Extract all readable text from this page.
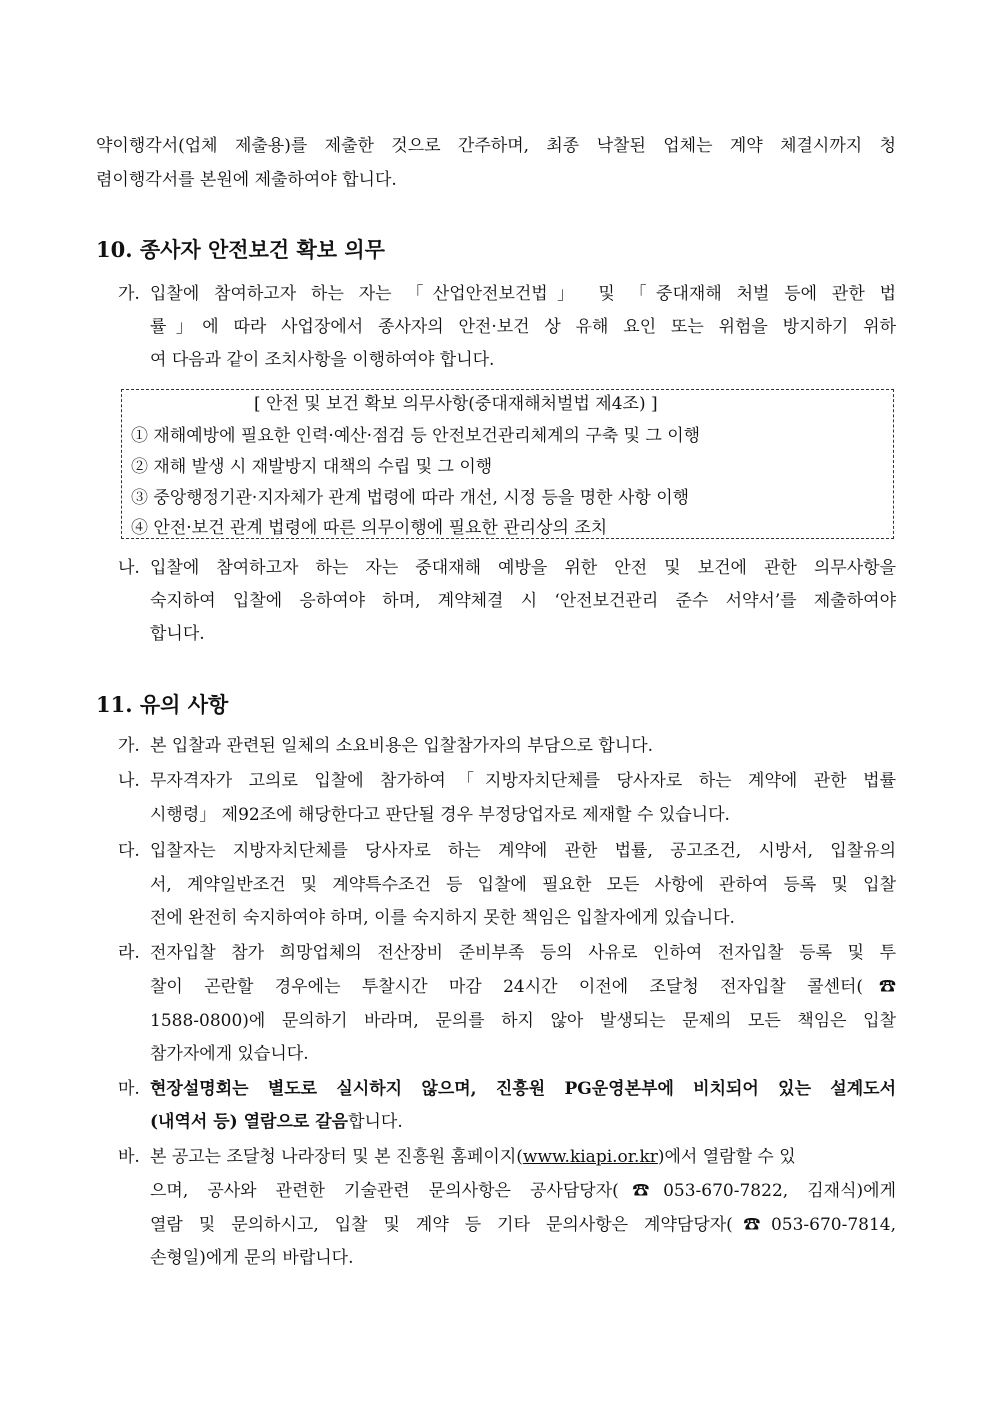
약이행각서(업체 제출용)를 제출한 것으로 간주하며, 최종 낙찰된 업체는 계약 체결시까지 청
렴이행각서를 본원에 제출하여야 합니다.
10. 종사자 안전보건 확보 의무
가. 입찰에 참여하고자 하는 자는 「산업안전보건법」 및 「중대재해 처벌 등에 관한 법
률」에 따라 사업장에서 종사자의 안전·보건 상 유해 요인 또는 위험을 방지하기 위하
여 다음과 같이 조치사항을 이행하여야 합니다.
[ 안전 및 보건 확보 의무사항(중대재해처벌법 제4조) ]
① 재해예방에 필요한 인력·예산·점검 등 안전보건관리체계의 구축 및 그 이행
② 재해 발생 시 재발방지 대책의 수립 및 그 이행
③ 중앙행정기관·지자체가 관계 법령에 따라 개선, 시정 등을 명한 사항 이행
④ 안전·보건 관계 법령에 따른 의무이행에 필요한 관리상의 조치
나. 입찰에 참여하고자 하는 자는 중대재해 예방을 위한 안전 및 보건에 관한 의무사항을
숙지하여 입찰에 응하여야 하며, 계약체결 시 ‘안전보건관리 준수 서약서’를 제출하여야
합니다.
11. 유의 사항
가. 본 입찰과 관련된 일체의 소요비용은 입찰참가자의 부담으로 합니다.
나. 무자격자가 고의로 입찰에 참가하여「지방자치단체를 당사자로 하는 계약에 관한 법률
시행령」 제92조에 해당한다고 판단될 경우 부정당업자로 제재할 수 있습니다.
다. 입찰자는 지방자치단체를 당사자로 하는 계약에 관한 법률, 공고조건, 시방서, 입찰유의
서, 계약일반조건 및 계약특수조건 등 입찰에 필요한 모든 사항에 관하여 등록 및 입찰
전에 완전히 숙지하여야 하며, 이를 숙지하지 못한 책임은 입찰자에게 있습니다.
라. 전자입찰 참가 희망업체의 전산장비 준비부족 등의 사유로 인하여 전자입찰 등록 및 투
찰이 곤란할 경우에는 투찰시간 마감 24시간 이전에 조달청 전자입찰 콜센터(☎
1588-0800)에 문의하기 바라며, 문의를 하지 않아 발생되는 문제의 모든 책임은 입찰
참가자에게 있습니다.
마. 현장설명회는 별도로 실시하지 않으며, 진흥원 PG운영본부에 비치되어 있는 설계도서
(내역서 등) 열람으로 갈음합니다.
바. 본 공고는 조달청 나라장터 및 본 진흥원 홈페이지(www.kiapi.or.kr)에서 열람할 수 있
으며, 공사와 관련한 기술관련 문의사항은 공사담당자(☎053-670-7822, 김재식)에게
열람 및 문의하시고, 입찰 및 계약 등 기타 문의사항은 계약담당자(☎053-670-7814,
손형일)에게 문의 바랍니다.
